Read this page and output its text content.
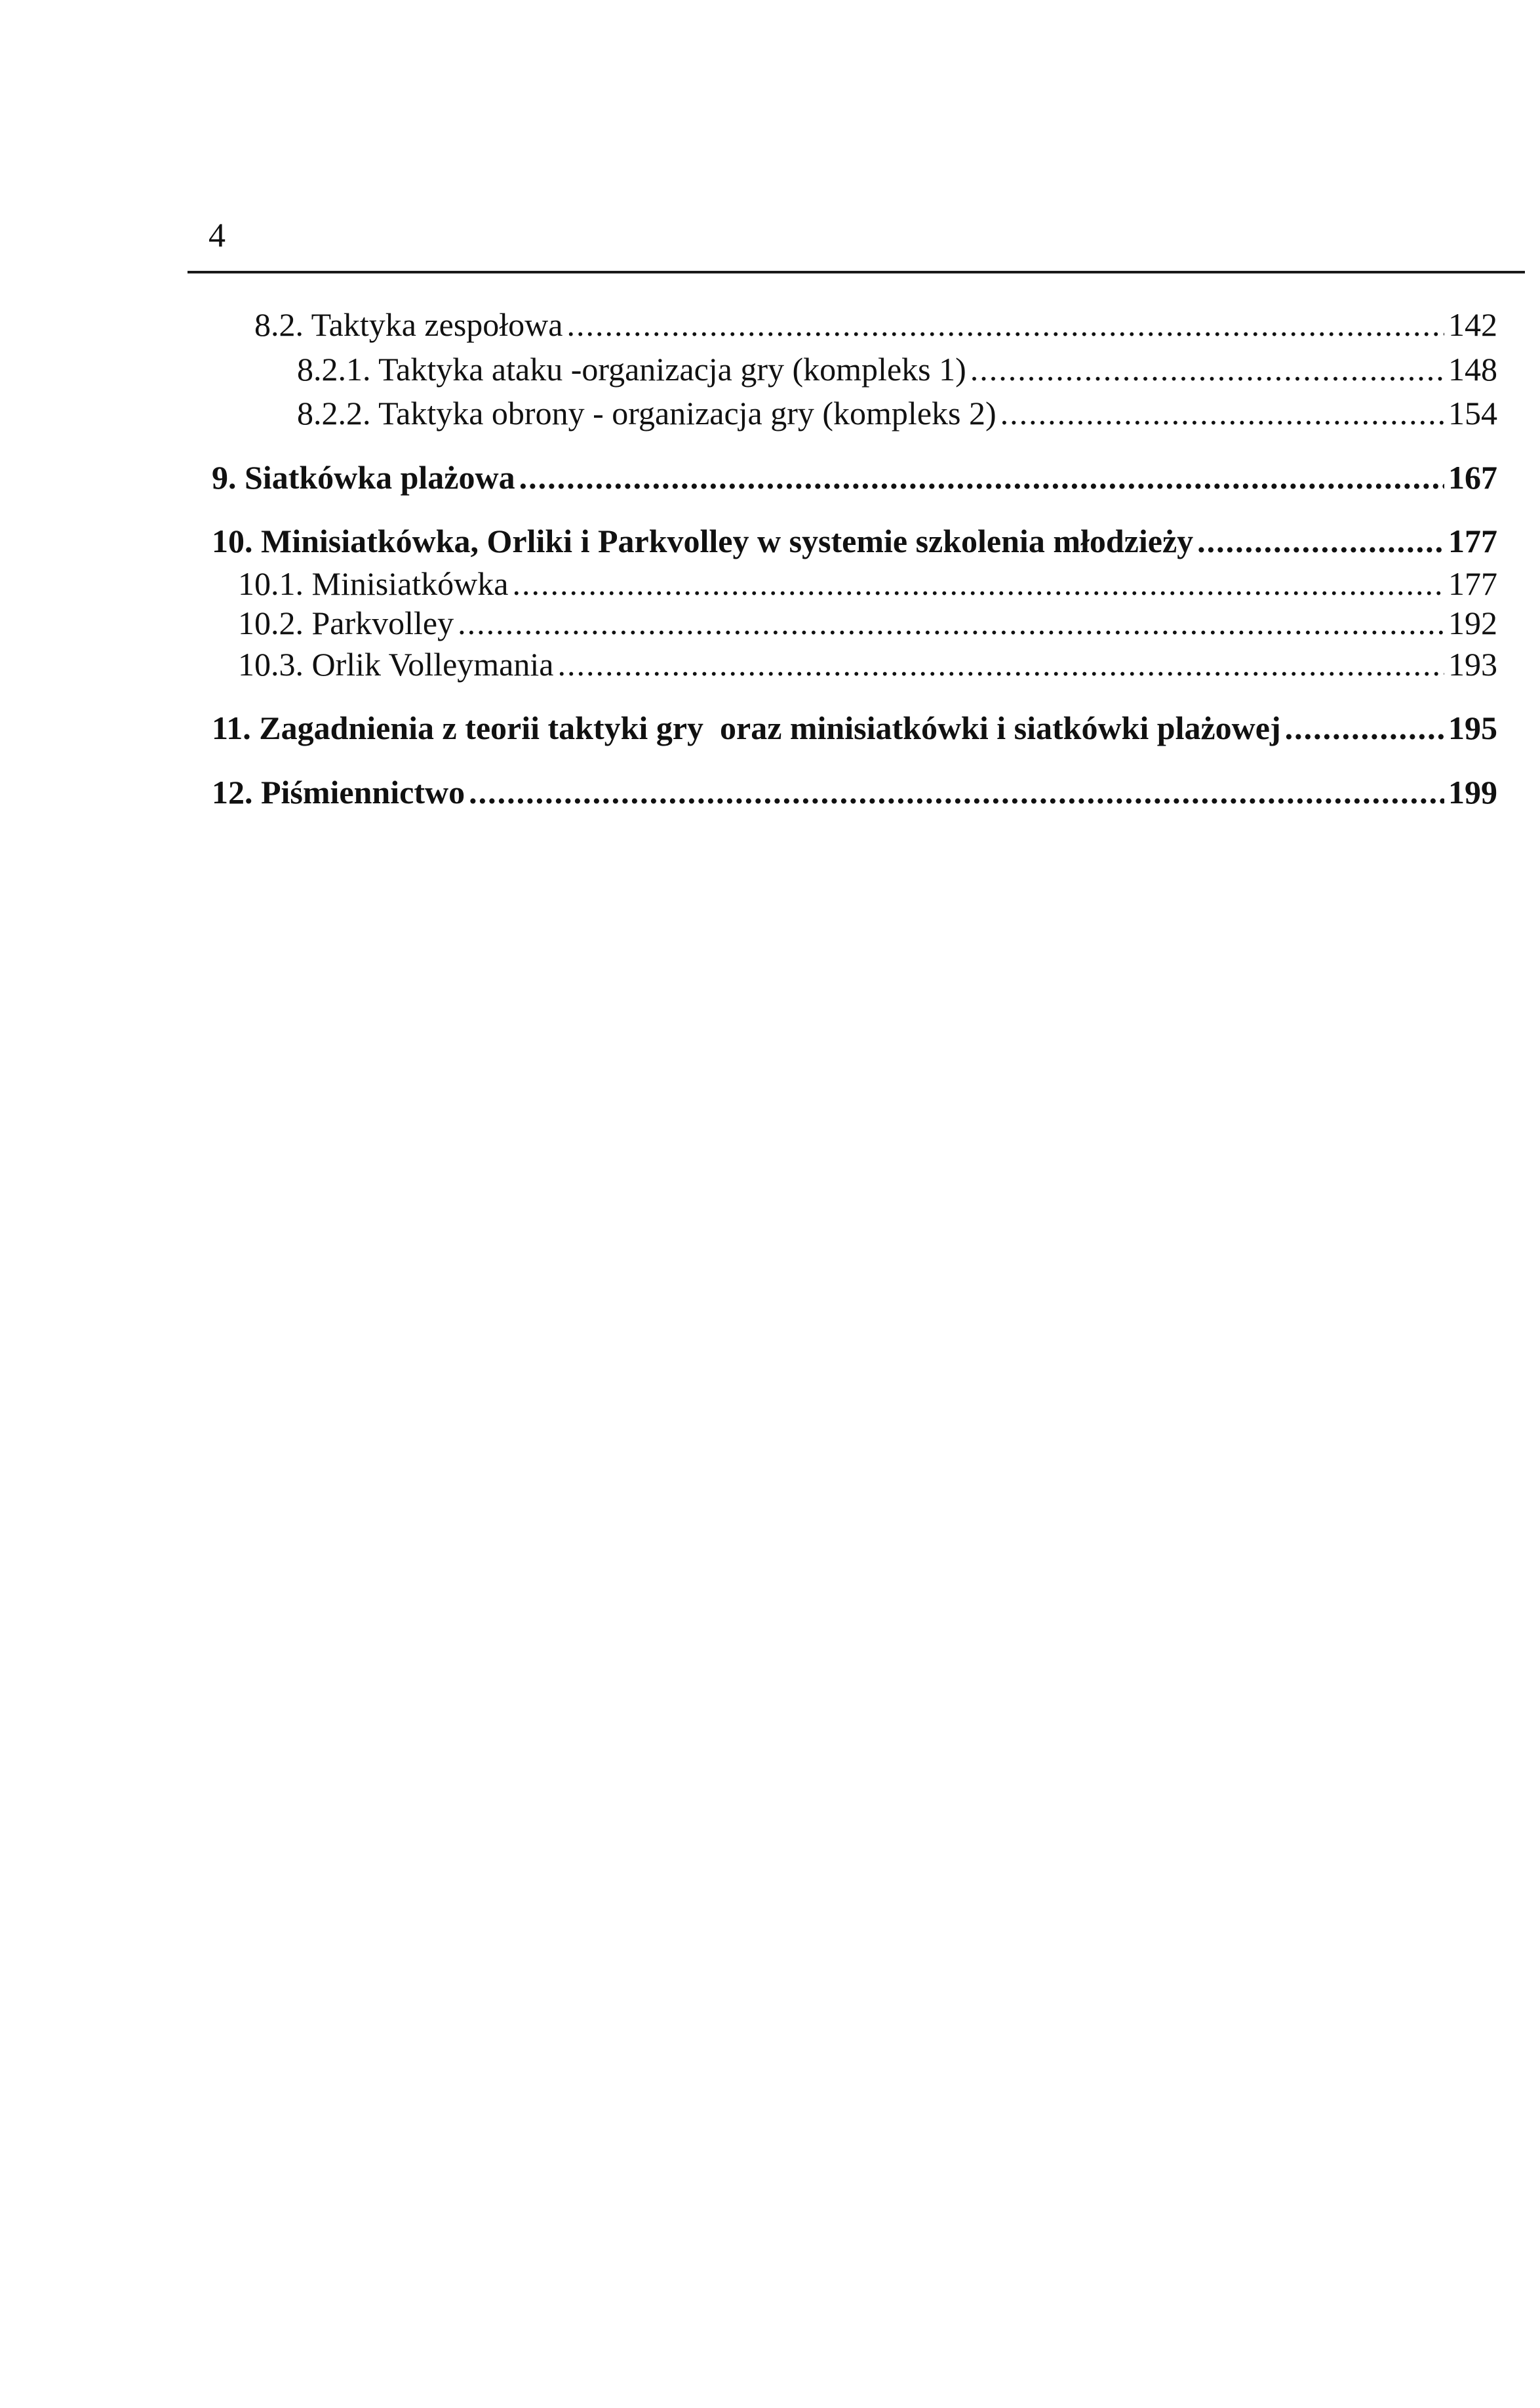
4
8.2. Taktyka zespołowa .....	142
8.2.1. Taktyka ataku -organizacja gry (kompleks 1) .....	148
8.2.2. Taktyka obrony - organizacja gry (kompleks 2) .....	154
9. Siatkówka plażowa .....	167
10. Minisiatkówka, Orliki i Parkvolley w systemie szkolenia młodzieży .....	177
10.1. Minisiatkówka .....	177
10.2. Parkvolley .....	192
10.3. Orlik Volleymania .....	193
11. Zagadnienia z teorii taktyki gry  oraz minisiatkówki i siatkówki plażowej .....	195
12. Piśmiennictwo .....	199
